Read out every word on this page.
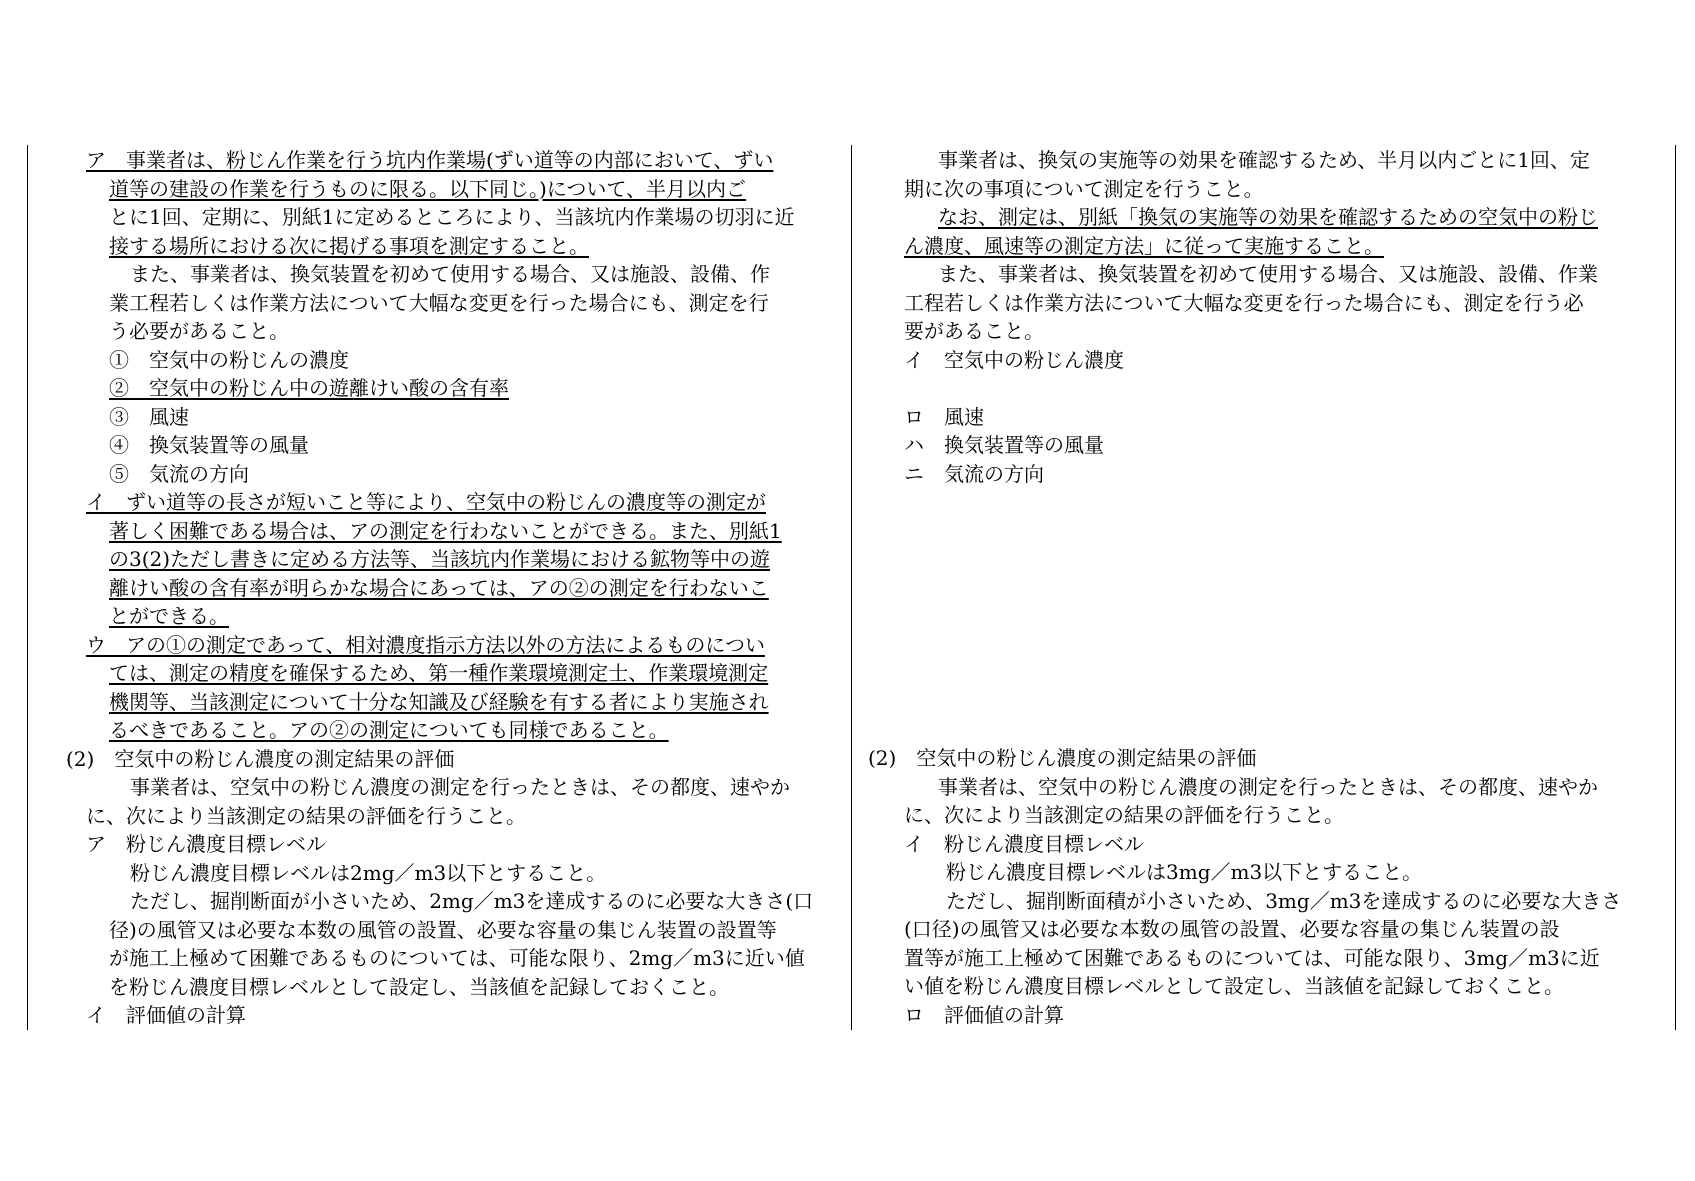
ア　事業者は、粉じん作業を行う坑内作業場(ずい道等の内部において、ずい
道等の建設の作業を行うものに限る。以下同じ。)について、半月以内ご
とに1回、定期に、別紙1に定めるところにより、当該坑内作業場の切羽に近
接する場所における次に掲げる事項を測定すること。
また、事業者は、換気装置を初めて使用する場合、又は施設、設備、作
業工程若しくは作業方法について大幅な変更を行った場合にも、測定を行
う必要があること。
①　空気中の粉じんの濃度
②　空気中の粉じん中の遊離けい酸の含有率
③　風速
④　換気装置等の風量
⑤　気流の方向
イ　ずい道等の長さが短いこと等により、空気中の粉じんの濃度等の測定が
著しく困難である場合は、アの測定を行わないことができる。また、別紙1
の3(2)ただし書きに定める方法等、当該坑内作業場における鉱物等中の遊
離けい酸の含有率が明らかな場合にあっては、アの②の測定を行わないこ
とができる。
ウ　アの①の測定であって、相対濃度指示方法以外の方法によるものについ
ては、測定の精度を確保するため、第一種作業環境測定士、作業環境測定
機関等、当該測定について十分な知識及び経験を有する者により実施され
るべきであること。アの②の測定についても同様であること。
(2)　空気中の粉じん濃度の測定結果の評価
事業者は、空気中の粉じん濃度の測定を行ったときは、その都度、速やか
に、次により当該測定の結果の評価を行うこと。
ア　粉じん濃度目標レベル
粉じん濃度目標レベルは2mg／m3以下とすること。
ただし、掘削断面が小さいため、2mg／m3を達成するのに必要な大きさ(口
径)の風管又は必要な本数の風管の設置、必要な容量の集じん装置の設置等
が施工上極めて困難であるものについては、可能な限り、2mg／m3に近い値
を粉じん濃度目標レベルとして設定し、当該値を記録しておくこと。
イ　評価値の計算
事業者は、換気の実施等の効果を確認するため、半月以内ごとに1回、定
期に次の事項について測定を行うこと。
なお、測定は、別紙「換気の実施等の効果を確認するための空気中の粉じ
ん濃度、風速等の測定方法」に従って実施すること。
また、事業者は、換気装置を初めて使用する場合、又は施設、設備、作業
工程若しくは作業方法について大幅な変更を行った場合にも、測定を行う必
要があること。
イ　空気中の粉じん濃度
ロ　風速
ハ　換気装置等の風量
ニ　気流の方向
(2)　空気中の粉じん濃度の測定結果の評価
事業者は、空気中の粉じん濃度の測定を行ったときは、その都度、速やか
に、次により当該測定の結果の評価を行うこと。
イ　粉じん濃度目標レベル
粉じん濃度目標レベルは3mg／m3以下とすること。
ただし、掘削断面積が小さいため、3mg／m3を達成するのに必要な大きさ
(口径)の風管又は必要な本数の風管の設置、必要な容量の集じん装置の設
置等が施工上極めて困難であるものについては、可能な限り、3mg／m3に近
い値を粉じん濃度目標レベルとして設定し、当該値を記録しておくこと。
ロ　評価値の計算
